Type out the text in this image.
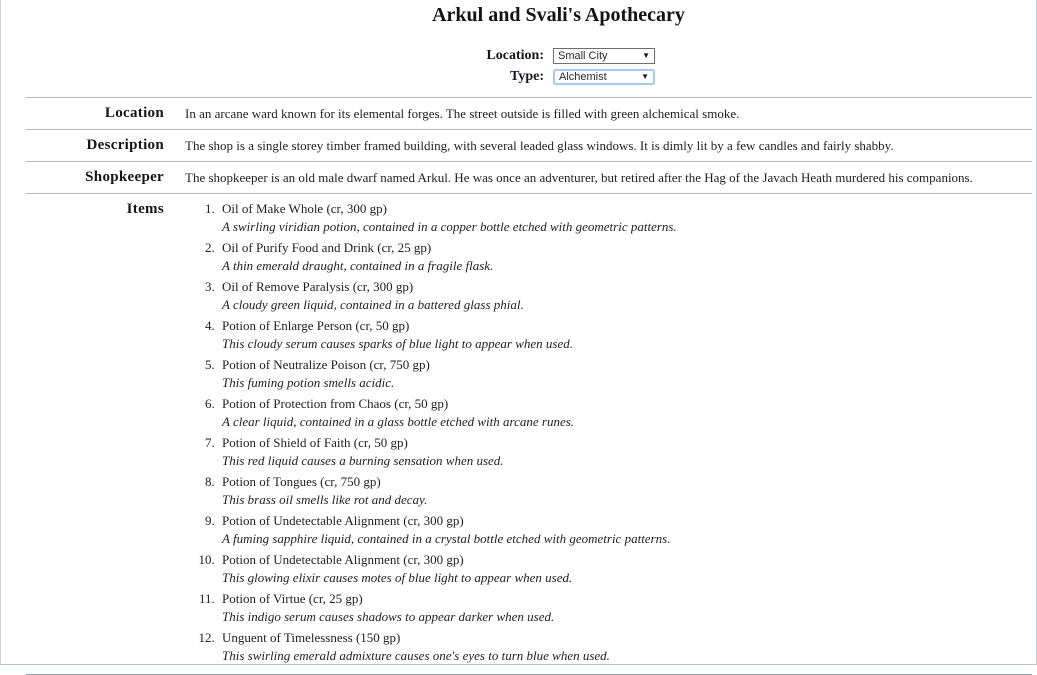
Arkul and Svali's Apothecary
Location:	Small City	▼
Type:	Alchemist	▼
Location	In an arcane ward known for its elemental forges. The street outside is filled with green alchemical smoke.
Description	The shop is a single storey timber framed building, with several leaded glass windows. It is dimly lit by a few candles and fairly shabby.
Shopkeeper	The shopkeeper is an old male dwarf named Arkul. He was once an adventurer, but retired after the Hag of the Javach Heath murdered his companions.
Items	
1.Oil of Make Whole (cr, 300 gp)
A swirling viridian potion, contained in a copper bottle etched with geometric patterns.
2. Oil of Purify Food and Drink (cr, 25 gp)
A thin emerald draught, contained in a fragile flask.
3. Oil of Remove Paralysis (cr, 300 gp)
A cloudy green liquid, contained in a battered glass phial.
4. Potion of Enlarge Person (cr, 50 gp)
This cloudy serum causes sparks of blue light to appear when used.
5. Potion of Neutralize Poison (cr, 750 gp)
This fuming potion smells acidic.
6. Potion of Protection from Chaos (cr, 50 gp)
A clear liquid, contained in a glass bottle etched with arcane runes.
7. Potion of Shield of Faith (cr, 50 gp)
This red liquid causes a burning sensation when used.
8. Potion of Tongues (cr, 750 gp)
This brass oil smells like rot and decay.
9. Potion of Undetectable Alignment (cr, 300 gp)
A fuming sapphire liquid, contained in a crystal bottle etched with geometric patterns.
10. Potion of Undetectable Alignment (cr, 300 gp)
This glowing elixir causes motes of blue light to appear when used.
11. Potion of Virtue (cr, 25 gp)
This indigo serum causes shadows to appear darker when used.
12. Unguent of Timelessness (150 gp)
This swirling emerald admixture causes one's eyes to turn blue when used.
